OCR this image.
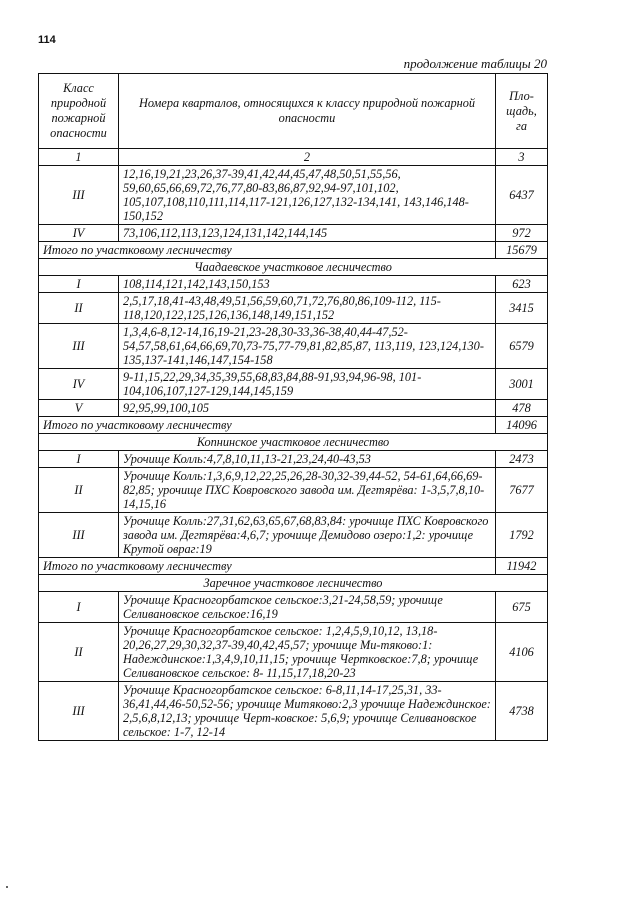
114
продолжение таблицы 20
Класс природной пожарной опасности	Номера кварталов, относящихся к классу природной пожарной опасности	Пло-щадь, га
1	2	3
III	12,16,19,21,23,26,37-39,41,42,44,45,47,48,50,51,55,56, 59,60,65,66,69,72,76,77,80-83,86,87,92,94-97,101,102, 105,107,108,110,111,114,117-121,126,127,132-134,141, 143,146,148-150,152	6437
IV	73,106,112,113,123,124,131,142,144,145	972
Итого по участковому лесничеству		15679
Чаадаевское участковое лесничество		
I	108,114,121,142,143,150,153	623
II	2,5,17,18,41-43,48,49,51,56,59,60,71,72,76,80,86,109-112, 115-118,120,122,125,126,136,148,149,151,152	3415
III	1,3,4,6-8,12-14,16,19-21,23-28,30-33,36-38,40,44-47,52- 54,57,58,61,64,66,69,70,73-75,77-79,81,82,85,87, 113,119, 123,124,130-135,137-141,146,147,154-158	6579
IV	9-11,15,22,29,34,35,39,55,68,83,84,88-91,93,94,96-98, 101-104,106,107,127-129,144,145,159	3001
V	92,95,99,100,105	478
Итого по участковому лесничеству		14096
Копнинское участковое лесничество		
I	Урочище Колль:4,7,8,10,11,13-21,23,24,40-43,53	2473
II	Урочище Колль:1,3,6,9,12,22,25,26,28-30,32-39,44-52, 54-61,64,66,69-82,85; урочище ПХС Ковровского завода им. Дегтярёва: 1-3,5,7,8,10-14,15,16	7677
III	Урочище Колль:27,31,62,63,65,67,68,83,84: урочище ПХС Ковровского завода им. Дегтярёва:4,6,7; урочище Демидово озеро:1,2: урочище Крутой овраг:19	1792
Итого по участковому лесничеству		11942
Заречное участковое лесничество		
I	Урочище Красногорбатское сельское:3,21-24,58,59; урочище Селивановское сельское:16,19	675
II	Урочище Красногорбатское сельское: 1,2,4,5,9,10,12, 13,18-20,26,27,29,30,32,37-39,40,42,45,57; урочище Ми-тяково:1: Надеждинское:1,3,4,9,10,11,15; урочище Чертковское:7,8; урочище Селивановское сельское: 8- 11,15,17,18,20-23	4106
III	Урочище Красногорбатское сельское: 6-8,11,14-17,25,31, 33-36,41,44,46-50,52-56; урочище Митяково:2,3 урочище Надеждинское: 2,5,6,8,12,13; урочище Черт-ковское: 5,6,9; урочище Селивановское сельское: 1-7, 12-14	4738
